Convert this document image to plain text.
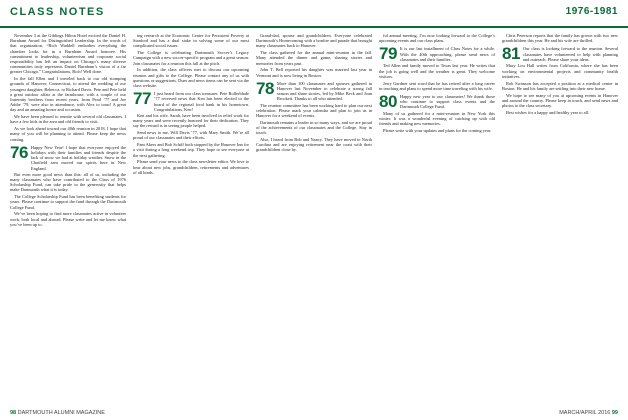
CLASS NOTES	1976-1981

November 3 at the Giblings Hilton Hotel excited the Daniel H. Burnham Award for Distinguished Leadership. In the words of that organization, “Rich Waddell embodies everything the chamber looks for in a Burnham Award honoree. His commitment to leadership, volunteerism and corporate social responsibility has left an impact on Chicago’s many diverse communities truly represents Daniel Burnham’s vision of a far greater Chicago.” Congratulations, Rich! Well done.

In the fall Ellen and I traveled back to our old stomping grounds of Hanover, Connecticut, to attend the wedding of our youngest daughter, Rebecca, to Richard Davis. Pete and Pete held a great outdoor affair at the farmhouse, with a couple of our fraternity brothers from recent years, from Pearl ’77 and Joe Addie ’79, were also in attendance, with Alex to toast! A great day and an amazing honor and occasion.

We have been pleased to reunite with several old classmates. I have a few kids in the area and old friends to visit.

As we look ahead toward our 40th reunion in 2018, I hope that many of you will be planning to attend. Please keep the news coming.

76 Happy New Year! I hope that everyone enjoyed the holidays with their families and friends despite the lack of snow we had at holiday weather. Snow in the Chatfield area moved our spirits here in New England.

But even more good news than this: all of us, including the many classmates who have contributed to the Class of 1976 Scholarship Fund, can take pride in the generosity that helps make Dartmouth what it is today.

The College Scholarship Fund has been benefiting students for years. Please continue to support the fund through the Dartmouth College Fund.

We’ve been hoping to find more classmates active in volunteer work, both local and abroad. Please write and let me know what you’ve been up to.

ing research at the Economic Center for Persistent Poverty at Stanford and has a dual stake in solving some of our most complicated social issues.

The College is celebrating Dartmouth Soccer’s Legacy Campaign with a new soccer-specific program and a great season. Join classmates for a reunion this fall at the pitch.

In addition, the class officers met to discuss our upcoming reunion and gifts to the College. Please contact any of us with questions or suggestions. Dues and news items can be sent via the class website.

77 I just heard from our class treasurer. Pete Rollerblade ’77 received news that Ken has been elected to the board of the regional food bank in his hometown. Congratulations, Ken!

Ken and his wife, Sarah, have been involved in relief work for many years and were recently honored for their dedication. They say the reward is in seeing people helped.

Send news to me, Will Davis ’77, with Mary Smith. We’re all proud of our classmates and their efforts.

Pam Akers and Bob Schiff both stopped by the Hanover Inn for a visit during a long weekend trip. They hope to see everyone at the next gathering.

Please send your news to the class newsletter editor. We love to hear about new jobs, grandchildren, retirements and adventures of all kinds.

Grand-dad, spouse and grandchildren. Everyone celebrated Dartmouth’s Homecoming with a bonfire and parade that brought many classmates back to Hanover.

The class gathered for the annual mini-reunion in the fall. Many attended the dinner and game, sharing stories and memories from years past.

John T. Bell reported his daughter was married last year in Vermont and is now living in Boston.

78 More than 100 classmates and spouses gathered in Hanover last November to celebrate a strong fall season and share stories, led by Mike Beck and Joan Brockett. Thanks to all who attended.

The reunion committee has been working hard to plan our next celebration. Please mark your calendar and plan to join us in Hanover for a weekend of events.

Dartmouth remains a leader in so many ways, and we are proud of the achievements of our classmates and the College. Stay in touch.

Also, I heard from Bob and Nancy. They have moved to North Carolina and are enjoying retirement near the coast with their grandchildren close by.

ful annual meeting. I’m now looking forward to the College’s upcoming events and our class plans.

79 It is our last installment of Class Notes for a while. With the 40th approaching, please send news of classmates and their families.

Ted Allen and family moved to Texas last year. He writes that the job is going well and the weather is great. They welcome visitors.

Jerry Gardner sent word that he has retired after a long career in teaching and plans to spend more time traveling with his wife.

80 Happy new year to our classmates! We thank those who continue to support class events and the Dartmouth College Fund.

Many of us gathered for a mini-reunion in New York this winter. It was a wonderful evening of catching up with old friends and making new memories.

Please write with your updates and plans for the coming year.

Chris Peterson reports that the family has grown with two new grandchildren this year. He and his wife are thrilled.

81 Our class is looking forward to the reunion. Several classmates have volunteered to help with planning and outreach. Please share your ideas.

Mary Lou Hall writes from California, where she has been working on environmental projects and community health initiatives.

Rob Swanson has accepted a position at a medical center in Boston. He and his family are settling into their new home.

We hope to see many of you at upcoming events in Hanover and around the country. Please keep in touch, and send news and photos to the class secretary.

Best wishes for a happy and healthy year to all.

98 DARTMOUTH ALUMNI MAGAZINE	MARCH/APRIL 2016 99
